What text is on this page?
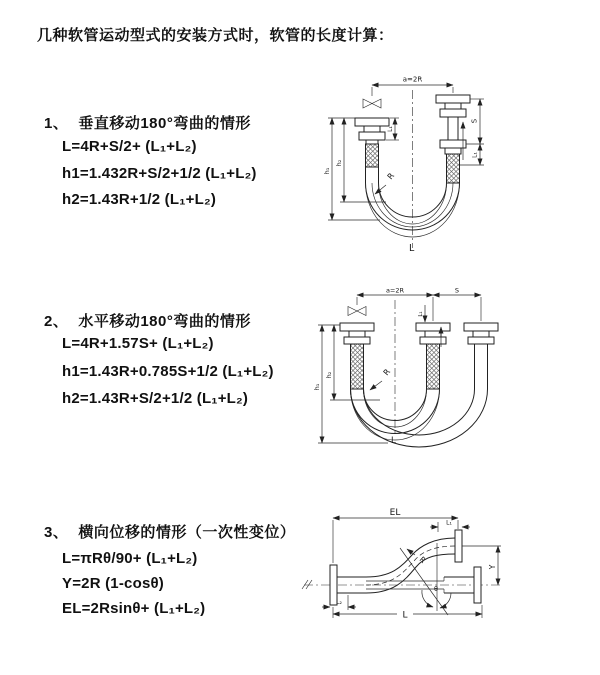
几种软管运动型式的安装方式时，软管的长度计算：
1、 垂直移动180°弯曲的情形
L=4R+S/2+ (L₁+L₂)
h1=1.432R+S/2+1/2 (L₁+L₂)
h2=1.43R+1/2 (L₁+L₂)
2、 水平移动180°弯曲的情形
L=4R+1.57S+ (L₁+L₂)
h1=1.43R+0.785S+1/2 (L₁+L₂)
h2=1.43R+S/2+1/2 (L₁+L₂)
3、 横向位移的情形（一次性变位）
L=πRθ/90+ (L₁+L₂)
Y=2R (1-cosθ)
EL=2Rsinθ+ (L₁+L₂)
a=2R
R
L
S
L₁
L₁
h₁
h₂
a=2R	S
R
L
h₁
h₂
L₁
EL
L₁
Y
L
L₂
θ
R
